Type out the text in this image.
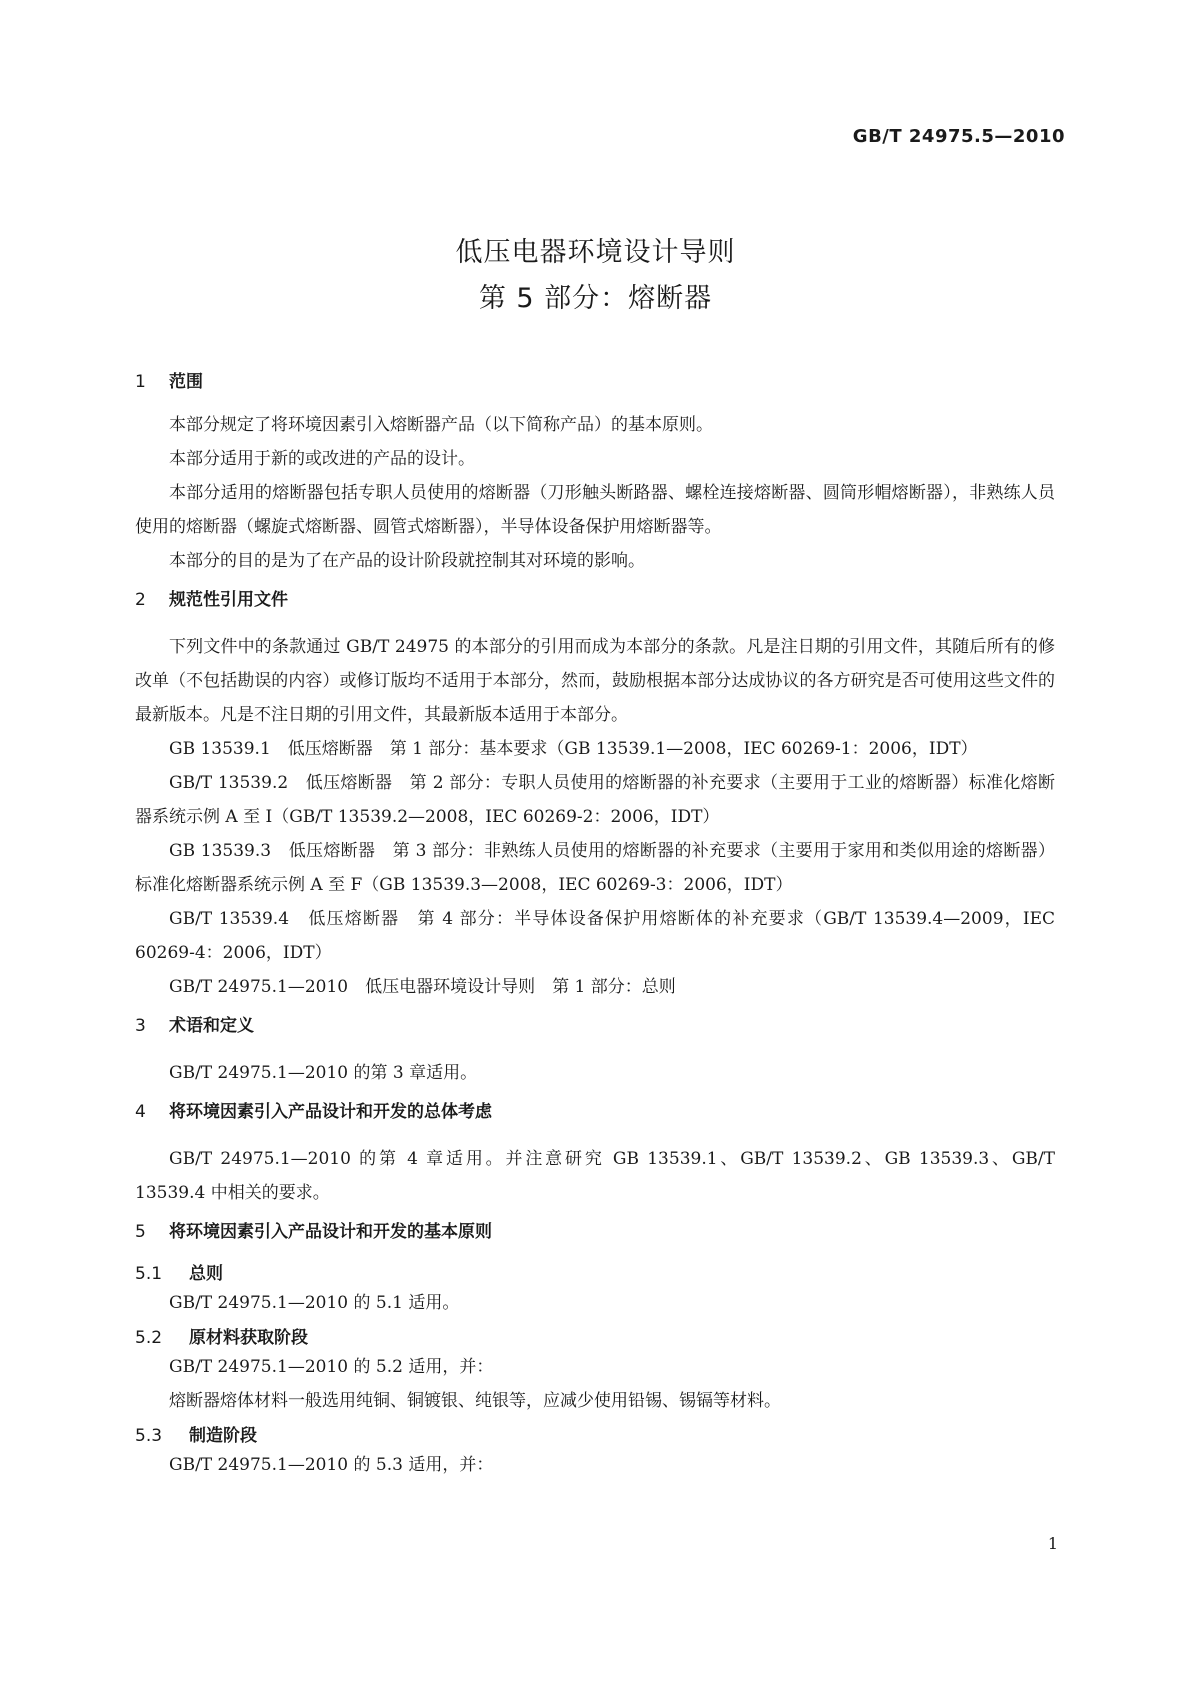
GB/T 24975.5—2010
低压电器环境设计导则
第 5 部分：熔断器
1 范围

本部分规定了将环境因素引入熔断器产品（以下简称产品）的基本原则。

本部分适用于新的或改进的产品的设计。

本部分适用的熔断器包括专职人员使用的熔断器（刀形触头断路器、螺栓连接熔断器、圆筒形帽熔断器），非熟练人员使用的熔断器（螺旋式熔断器、圆管式熔断器），半导体设备保护用熔断器等。

本部分的目的是为了在产品的设计阶段就控制其对环境的影响。

2 规范性引用文件

下列文件中的条款通过 GB/T 24975 的本部分的引用而成为本部分的条款。凡是注日期的引用文件，其随后所有的修改单（不包括勘误的内容）或修订版均不适用于本部分，然而，鼓励根据本部分达成协议的各方研究是否可使用这些文件的最新版本。凡是不注日期的引用文件，其最新版本适用于本部分。

GB 13539.1　低压熔断器　第 1 部分：基本要求（GB 13539.1—2008，IEC 60269-1：2006，IDT）

GB/T 13539.2　低压熔断器　第 2 部分：专职人员使用的熔断器的补充要求（主要用于工业的熔断器）标准化熔断器系统示例 A 至 I（GB/T 13539.2—2008，IEC 60269-2：2006，IDT）

GB 13539.3　低压熔断器　第 3 部分：非熟练人员使用的熔断器的补充要求（主要用于家用和类似用途的熔断器）标准化熔断器系统示例 A 至 F（GB 13539.3—2008，IEC 60269-3：2006，IDT）

GB/T 13539.4　低压熔断器　第 4 部分：半导体设备保护用熔断体的补充要求（GB/T 13539.4—2009，IEC 60269-4：2006，IDT）

GB/T 24975.1—2010　低压电器环境设计导则　第 1 部分：总则

3 术语和定义

GB/T 24975.1—2010 的第 3 章适用。

4 将环境因素引入产品设计和开发的总体考虑

GB/T 24975.1—2010 的第 4 章适用。并注意研究 GB 13539.1、GB/T 13539.2、GB 13539.3、GB/T 13539.4 中相关的要求。

5 将环境因素引入产品设计和开发的基本原则
5.1 总则

GB/T 24975.1—2010 的 5.1 适用。

5.2 原材料获取阶段

GB/T 24975.1—2010 的 5.2 适用，并：

熔断器熔体材料一般选用纯铜、铜镀银、纯银等，应减少使用铅锡、锡镉等材料。

5.3 制造阶段

GB/T 24975.1—2010 的 5.3 适用，并：

1
